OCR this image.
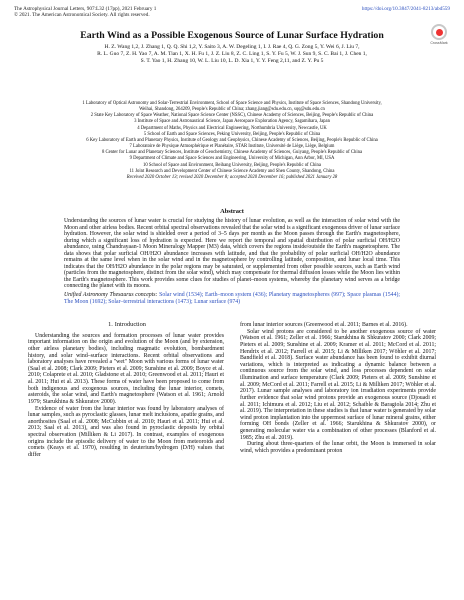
The Astrophysical Journal Letters, 907:L32 (17pp), 2021 February 1
© 2021. The American Astronomical Society. All rights reserved.
https://doi.org/10.3847/2041-8213/abd559
CrossMark
Earth Wind as a Possible Exogenous Source of Lunar Surface Hydration
H. Z. Wang 1,2, J. Zhang 1, Q. Q. Shi 1,2, Y. Saito 3, A. W. Degeling 1, I. J. Rae 4, Q. G. Zong 5, Y. Wei 6, J. Liu 7,
R. L. Guo 7, Z. H. Yao 7, A. M. Tian 1, X. H. Fu 1, J. Z. Liu 8, Z. C. Ling 1, S. Y. Fu 5, W. J. Sun 9, S. C. Bai 1, J. Chen 1,
S. T. Yao 1, H. Zhang 10, W. L. Liu 10, L. D. Xia 1, Y. Y. Feng 2,11, and Z. Y. Pu 5
1 Laboratory of Optical Astronomy and Solar-Terrestrial Environment, School of Space Science and Physics, Institute of Space Sciences, Shandong University,
Weihai, Shandong, 264209, People's Republic of China; zhang.jiang@sdu.edu.cn, sqq@sdu.edu.cn
2 State Key Laboratory of Space Weather, National Space Science Center (NSSC), Chinese Academy of Sciences, Beijing, People's Republic of China
3 Institute of Space and Astronautical Science, Japan Aerospace Exploration Agency, Sagamihara, Japan
4 Department of Maths, Physics and Electrical Engineering, Northumbria University, Newcastle, UK
5 School of Earth and Space Sciences, Peking University, Beijing, People's Republic of China
6 Key Laboratory of Earth and Planetary Physics, Institute of Geology and Geophysics, Chinese Academy of Sciences, Beijing, People's Republic of China
7 Laboratoire de Physique Atmosphérique et Planétaire, STAR Institute, Université de Liège, Liège, Belgium
8 Center for Lunar and Planetary Sciences, Institute of Geochemistry, Chinese Academy of Sciences, Guiyang, People's Republic of China
9 Department of Climate and Space Sciences and Engineering, University of Michigan, Ann Arbor, MI, USA
10 School of Space and Environment, Beihang University, Beijing, People's Republic of China
11 Joint Research and Development Center of Chinese Science Academy and Shen County, Shandong, China
Received 2020 October 13; revised 2020 December 8; accepted 2020 December 16; published 2021 January 28
Abstract

Understanding the sources of lunar water is crucial for studying the history of lunar evolution, as well as the interaction of solar wind with the Moon and other airless bodies. Recent orbital spectral observations revealed that the solar wind is a significant exogenous driver of lunar surface hydration. However, the solar wind is shielded over a period of 3–5 days per month as the Moon passes through the Earth's magnetosphere, during which a significant loss of hydration is expected. Here we report the temporal and spatial distribution of polar surficial OH/H2O abundance, using Chandrayaan-1 Moon Mineralogy Mapper (M3) data, which covers the regions inside/outside the Earth's magnetosphere. The data shows that polar surficial OH/H2O abundance increases with latitude, and that the probability of polar surficial OH/H2O abundance remains at the same level when in the solar wind and in the magnetosphere by controlling latitude, composition, and lunar local time. This indicates that the OH/H2O abundance in the polar regions may be saturated, or supplemented from other possible sources, such as Earth wind (particles from the magnetosphere, distinct from the solar wind), which may compensate for thermal diffusion losses while the Moon lies within the Earth's magnetosphere. This work provides some clues for studies of planet–moon systems, whereby the planetary wind serves as a bridge connecting the planet with its moons.

Unified Astronomy Thesaurus concepts: Solar wind (1534); Earth–moon system (436); Planetary magnetospheres (997); Space plasmas (1544); The Moon (1692); Solar–terrestrial interactions (1473); Lunar surface (974)
1. Introduction

Understanding the sources and formation processes of lunar water provides important information on the origin and evolution of the Moon (and by extension, other airless planetary bodies), including magmatic evolution, bombardment history, and solar wind–surface interactions. Recent orbital observations and laboratory analyses have revealed a "wet" Moon with various forms of lunar water (Saal et al. 2008; Clark 2009; Pieters et al. 2009; Sunshine et al. 2009; Boyce et al. 2010; Colaprete et al. 2010; Gladstone et al. 2010; Greenwood et al. 2011; Hauri et al. 2011; Hui et al. 2013). These forms of water have been proposed to come from both indigenous and exogenous sources, including the lunar interior, comets, asteroids, the solar wind, and Earth's magnetosphere (Watson et al. 1961; Arnold 1979; Starukhina & Shkuratov 2000).

Evidence of water from the lunar interior was found by laboratory analyses of lunar samples, such as pyroclastic glasses, lunar melt inclusions, apatite grains, and anorthosites (Saal et al. 2008; McCubbin et al. 2010; Hauri et al. 2011; Hui et al. 2013; Saal et al. 2013), and was also found in pyroclastic deposits by orbital spectral observation (Milliken & Li 2017). In contrast, examples of exogenous origins include the episodic delivery of water to the Moon from meteoroids and comets (Keays et al. 1970), resulting in deuterium/hydrogen (D/H) values that differ

from lunar interior sources (Greenwood et al. 2011; Barnes et al. 2016).

Solar wind protons are considered to be another exogenous source of water (Watson et al. 1961; Zeller et al. 1966; Starukhina & Shkuratov 2000; Clark 2009; Pieters et al. 2009; Sunshine et al. 2009; Kramer et al. 2011; McCord et al. 2011; Hendrix et al. 2012; Farrell et al. 2015; Li & Milliken 2017; Wöhler et al. 2017; Bandfield et al. 2018). Surface water abundance has been found to exhibit diurnal variations, which is interpreted as indicating a dynamic balance between a continuous source from the solar wind, and loss processes dependent on solar illumination and surface temperature (Clark 2009; Pieters et al. 2009; Sunshine et al. 2009; McCord et al. 2011; Farrell et al. 2015; Li & Milliken 2017; Wöhler et al. 2017). Lunar sample analyses and laboratory ion irradiation experiments provide further evidence that solar wind protons provide an exogenous source (Djouadi et al. 2011; Ichimura et al. 2012; Liu et al. 2012; Schaible & Baragiola 2014; Zhu et al. 2019). The interpretation in these studies is that lunar water is generated by solar wind proton implantation into the uppermost surface of lunar mineral grains, either forming OH bonds (Zeller et al. 1966; Starukhina & Shkuratov 2000), or generating molecular water via a combination of other processes (Blanford et al. 1985; Zhu et al. 2019).

During about three-quarters of the lunar orbit, the Moon is immersed in solar wind, which provides a predominant proton
